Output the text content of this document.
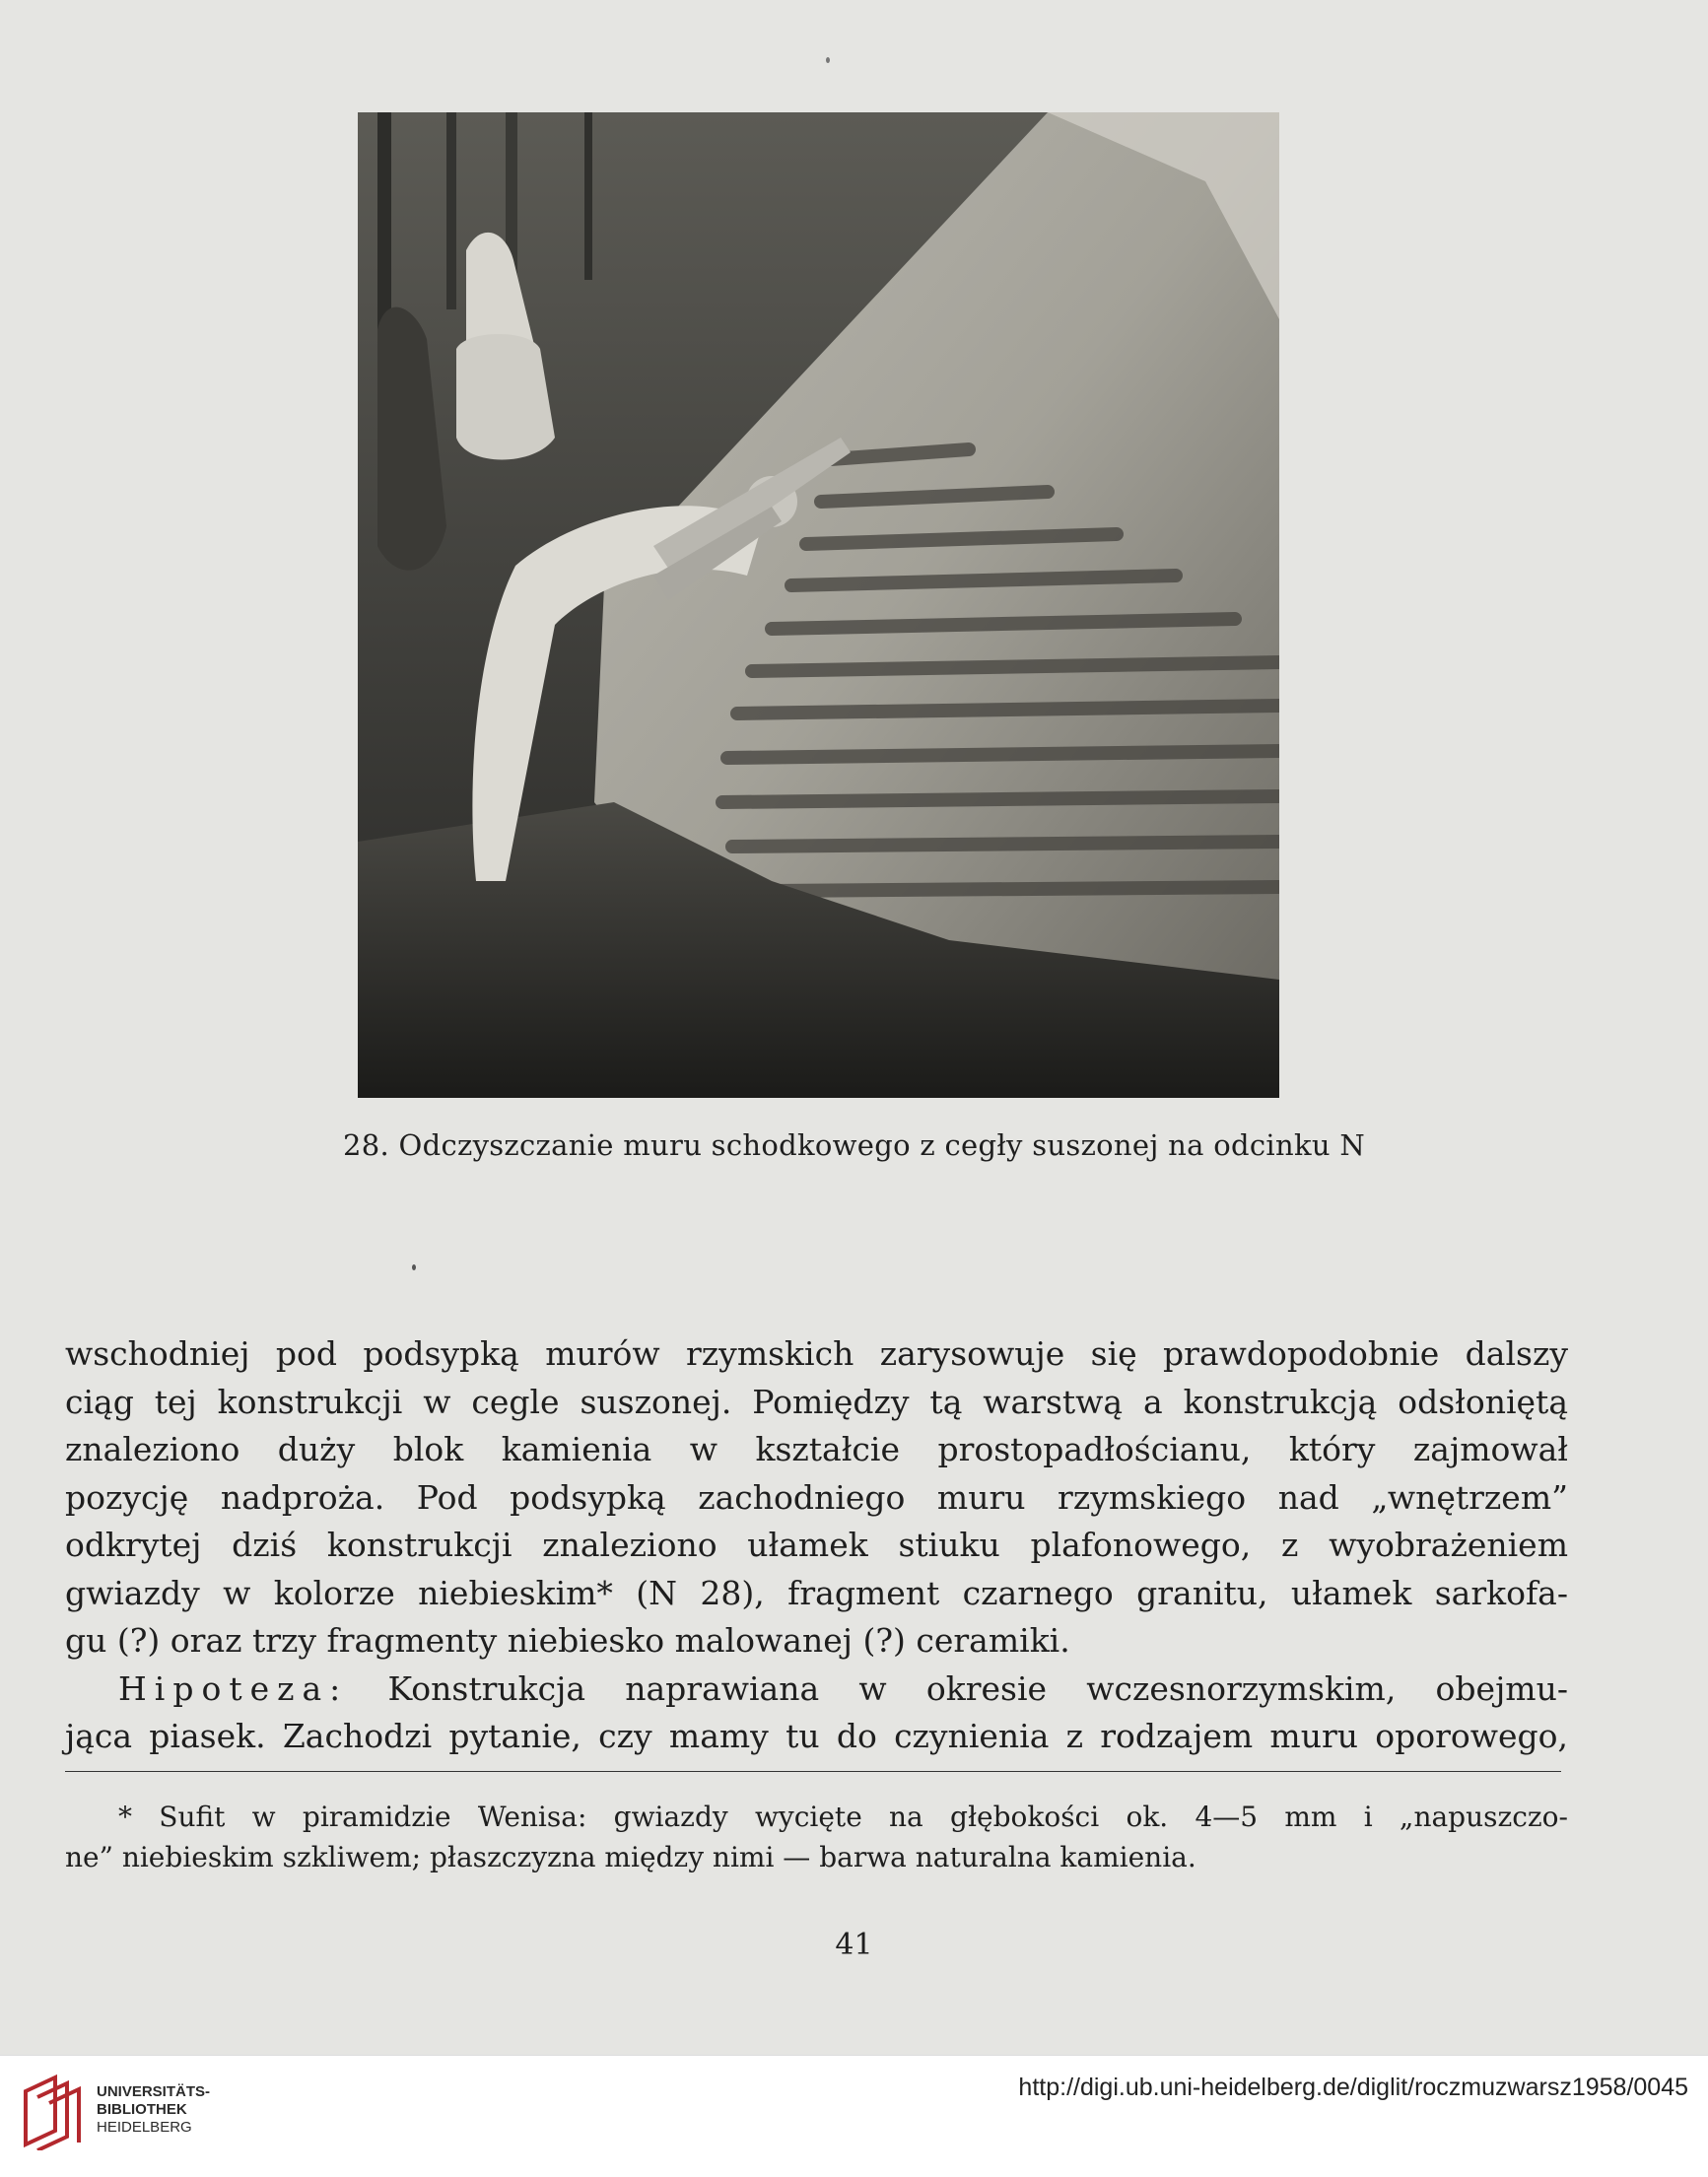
28. Odczyszczanie muru schodkowego z cegły suszonej na odcinku N
wschodniej pod podsypką murów rzymskich zarysowuje się prawdopodobnie dalszy
ciąg tej konstrukcji w cegle suszonej. Pomiędzy tą warstwą a konstrukcją odsłoniętą
znaleziono duży blok kamienia w kształcie prostopadłościanu, który zajmował
pozycję nadproża. Pod podsypką zachodniego muru rzymskiego nad „wnętrzem”
odkrytej dziś konstrukcji znaleziono ułamek stiuku plafonowego, z wyobrażeniem
gwiazdy w kolorze niebieskim* (N 28), fragment czarnego granitu, ułamek sarkofa-
gu (?) oraz trzy fragmenty niebiesko malowanej (?) ceramiki.
Hipoteza: Konstrukcja naprawiana w okresie wczesnorzymskim, obejmu-
jąca piasek. Zachodzi pytanie, czy mamy tu do czynienia z rodzajem muru oporowego,
* Sufit w piramidzie Wenisa: gwiazdy wycięte na głębokości ok. 4—5 mm i „napuszczo-
ne” niebieskim szkliwem; płaszczyzna między nimi — barwa naturalna kamienia.
41
UNIVERSITÄTS-
BIBLIOTHEK
HEIDELBERG
http://digi.ub.uni-heidelberg.de/diglit/roczmuzwarsz1958/0045
